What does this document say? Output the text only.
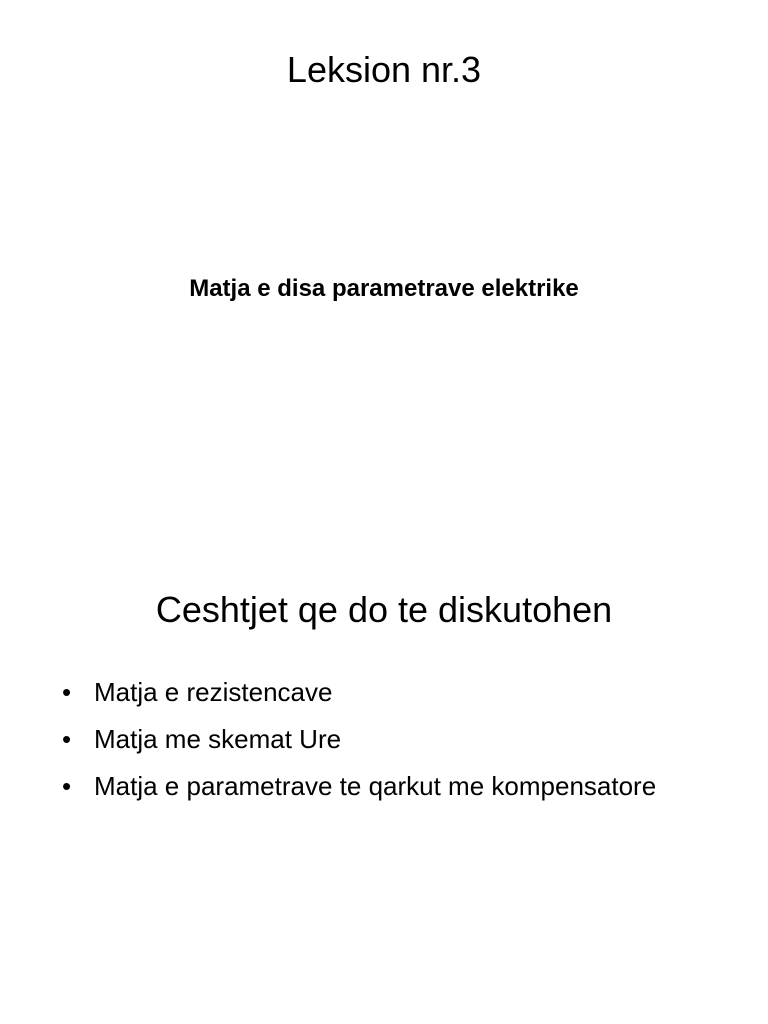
Leksion nr.3
Matja e disa parametrave elektrike
Ceshtjet qe do te diskutohen
• Matja e rezistencave
• Matja me skemat Ure
• Matja e parametrave te qarkut me kompensatore
